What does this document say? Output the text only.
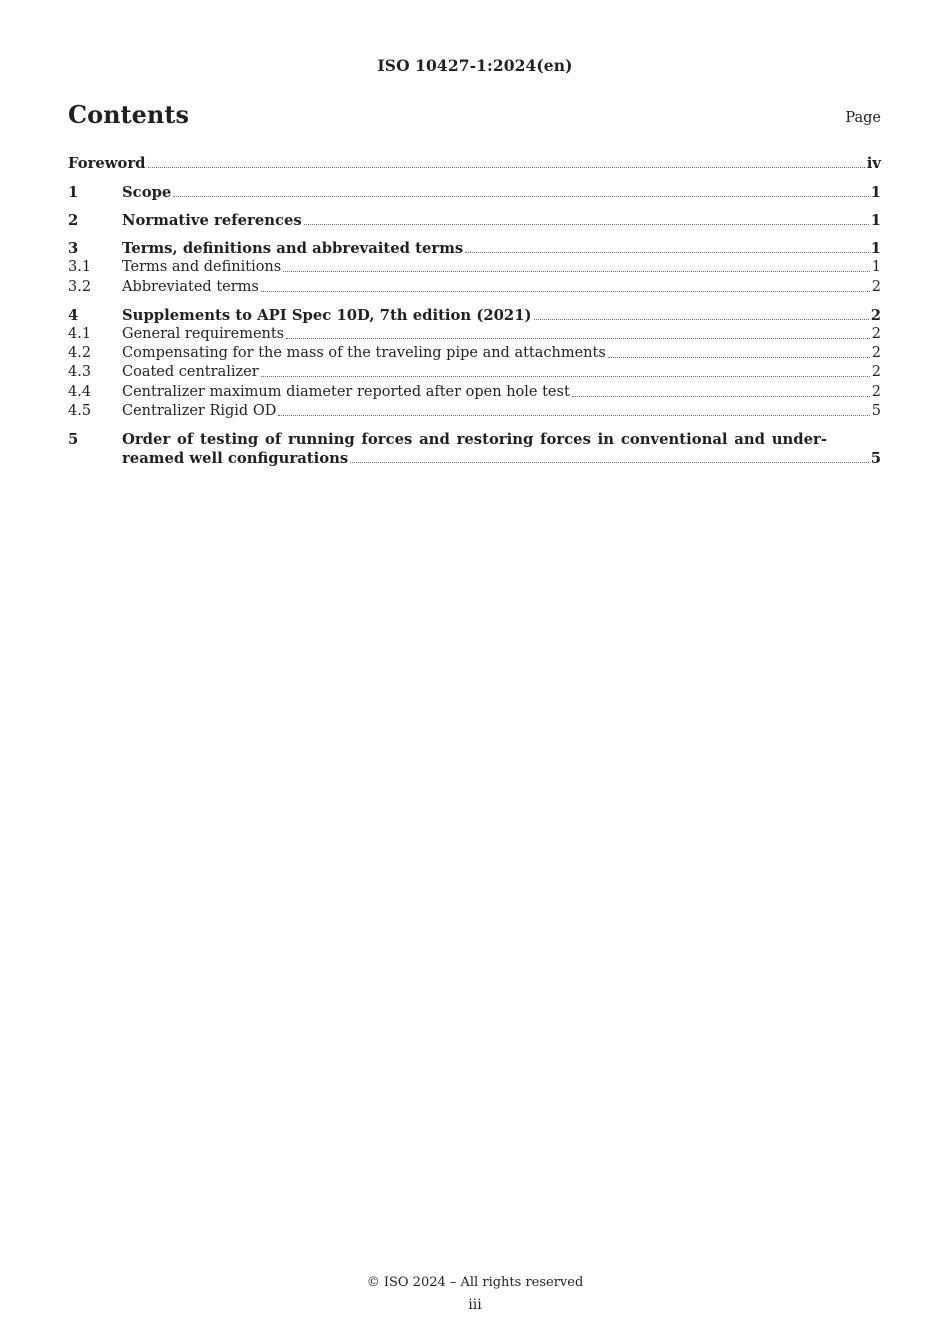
ISO 10427-1:2024(en)
Contents	Page
Foreword	iv
1	Scope	1
2	Normative references	1
3	Terms, definitions and abbrevaited terms	1
3.1	Terms and definitions	1
3.2	Abbreviated terms	2
4	Supplements to API Spec 10D, 7th edition (2021)	2
4.1	General requirements	2
4.2	Compensating for the mass of the traveling pipe and attachments	2
4.3	Coated centralizer	2
4.4	Centralizer maximum diameter reported after open hole test	2
4.5	Centralizer Rigid OD	5
5	Order of testing of running forces and restoring forces in conventional and under-
reamed well configurations	5
© ISO 2024 – All rights reserved
iii
